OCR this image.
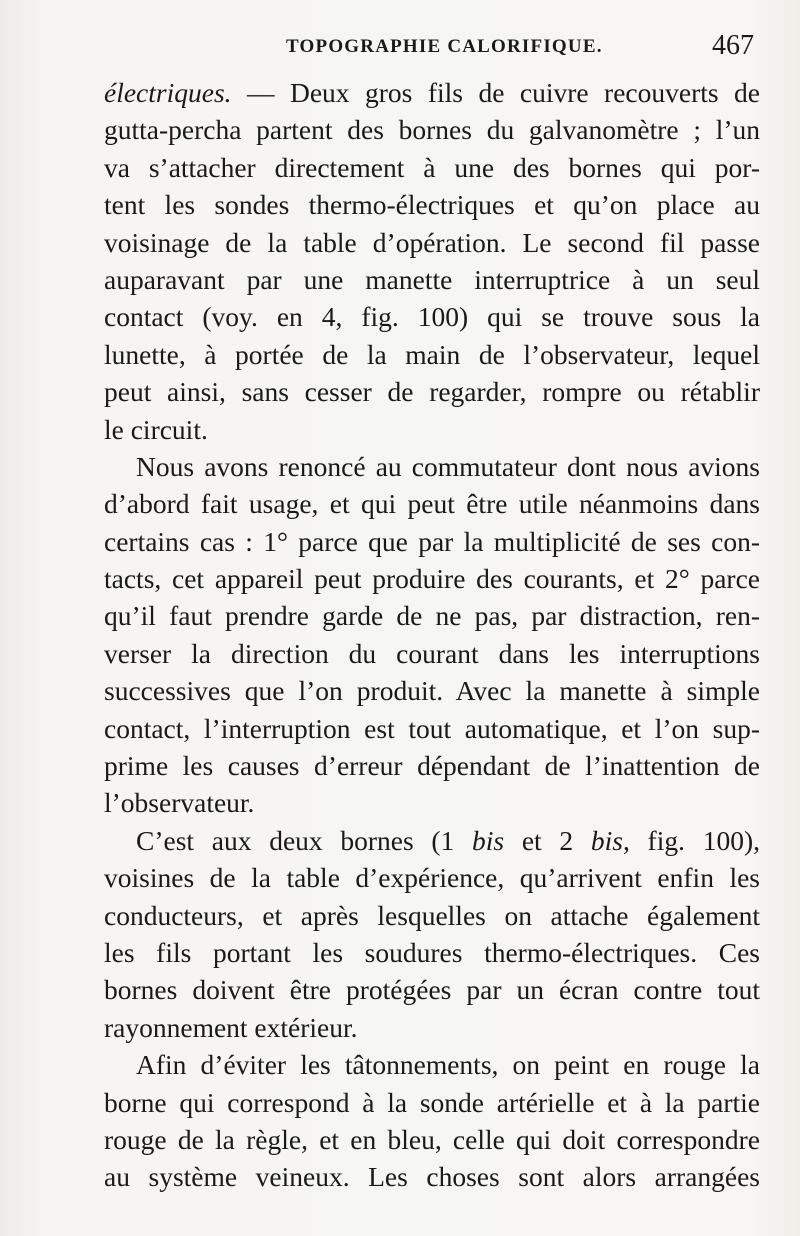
TOPOGRAPHIE CALORIFIQUE.	467
électriques. — Deux gros fils de cuivre recouverts de
gutta-percha partent des bornes du galvanomètre ; l’un
va s’attacher directement à une des bornes qui por-
tent les sondes thermo-électriques et qu’on place au
voisinage de la table d’opération. Le second fil passe
auparavant par une manette interruptrice à un seul
contact (voy. en 4, fig. 100) qui se trouve sous la
lunette, à portée de la main de l’observateur, lequel
peut ainsi, sans cesser de regarder, rompre ou rétablir
le circuit.
Nous avons renoncé au commutateur dont nous avions
d’abord fait usage, et qui peut être utile néanmoins dans
certains cas : 1° parce que par la multiplicité de ses con-
tacts, cet appareil peut produire des courants, et 2° parce
qu’il faut prendre garde de ne pas, par distraction, ren-
verser la direction du courant dans les interruptions
successives que l’on produit. Avec la manette à simple
contact, l’interruption est tout automatique, et l’on sup-
prime les causes d’erreur dépendant de l’inattention de
l’observateur.
C’est aux deux bornes (1 bis et 2 bis, fig. 100),
voisines de la table d’expérience, qu’arrivent enfin les
conducteurs, et après lesquelles on attache également
les fils portant les soudures thermo-électriques. Ces
bornes doivent être protégées par un écran contre tout
rayonnement extérieur.
Afin d’éviter les tâtonnements, on peint en rouge la
borne qui correspond à la sonde artérielle et à la partie
rouge de la règle, et en bleu, celle qui doit correspondre
au système veineux. Les choses sont alors arrangées
